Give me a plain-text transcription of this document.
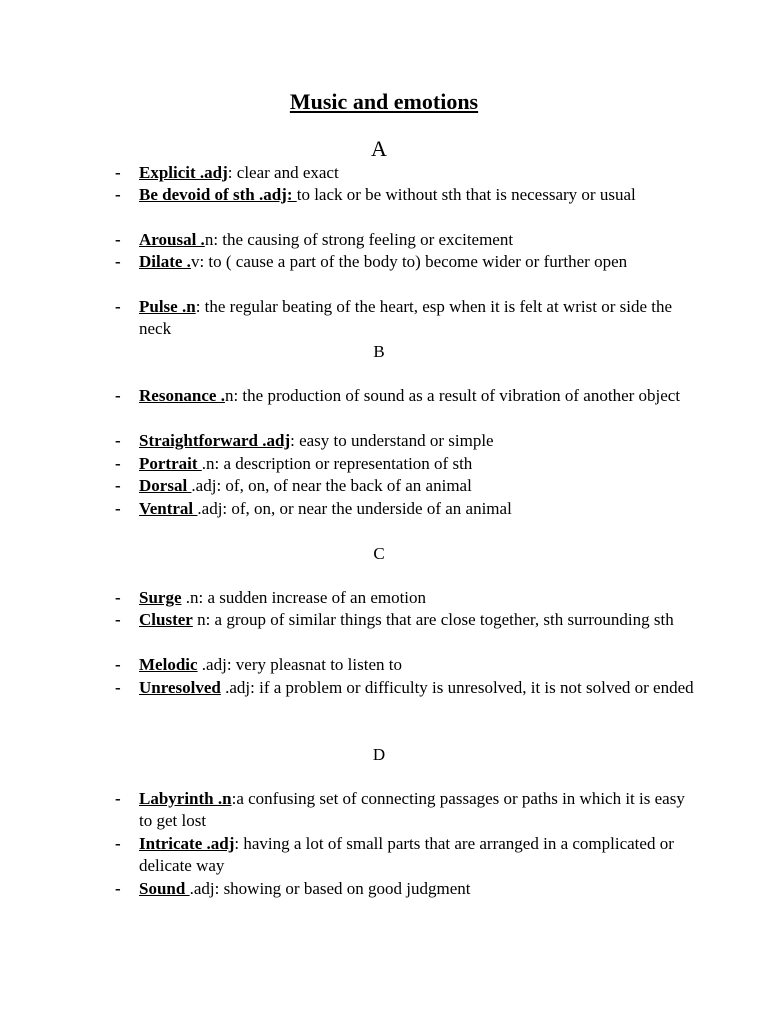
Music and emotions
A
- Explicit .adj: clear and exact
- Be devoid of sth .adj: to lack or be without sth that is necessary or usual
- Arousal .n: the causing of strong feeling or excitement
- Dilate .v: to ( cause a part of the body to) become wider or further open
- Pulse .n: the regular beating of the heart, esp when it is felt at wrist or side the neck
B
- Resonance .n: the production of sound as a result of vibration of another object
- Straightforward .adj: easy to understand or simple
- Portrait .n: a description or representation of sth
- Dorsal .adj: of, on, of near the back of an animal
- Ventral .adj: of, on, or near the underside of an animal
C
- Surge .n: a sudden increase of an emotion
- Cluster n: a group of similar things that are close together, sth surrounding sth
- Melodic .adj: very pleasnat to listen to
- Unresolved .adj: if a problem or difficulty is unresolved, it is not solved or ended
D
- Labyrinth .n:a confusing set of connecting passages or paths in which it is easy to get lost
- Intricate .adj: having a lot of small parts that are arranged in a complicated or delicate way
- Sound .adj: showing or based on good judgment
